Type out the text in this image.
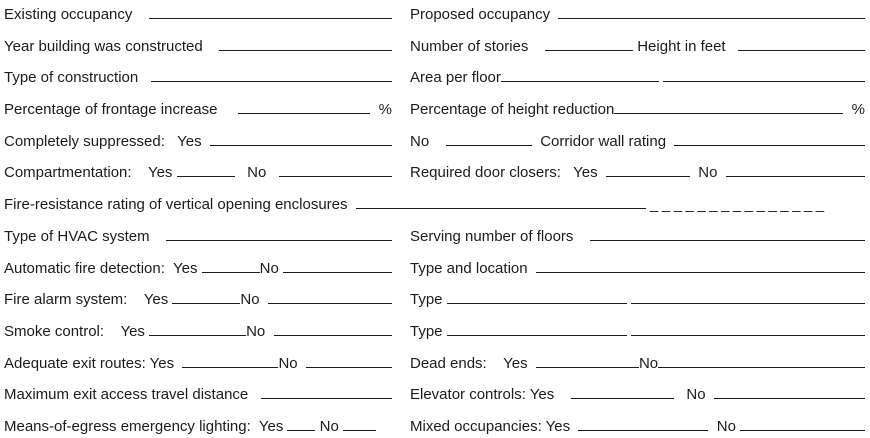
Existing occupancy	Proposed occupancy
Year building was constructed	Number of stories	Height in feet
Type of construction	Area per floor

Percentage of frontage increase	% Percentage of height reduction	%
Completely suppressed:   Yes	No	Corridor wall rating
Compartmentation:    Yes	No	Required door closers:   Yes	No
Fire-resistance rating of vertical opening enclosures
	_______________
Type of HVAC system	Serving number of floors
Automatic fire detection:  Yes	No	Type and location
Fire alarm system:    Yes	No	Type

Smoke control:    Yes	No	Type

Adequate exit routes: Yes	No	Dead ends:    Yes	No
Maximum exit access travel distance	Elevator controls: Yes	No
Means-of-egress emergency lighting:  Yes No	Mixed occupancies: Yes	No
